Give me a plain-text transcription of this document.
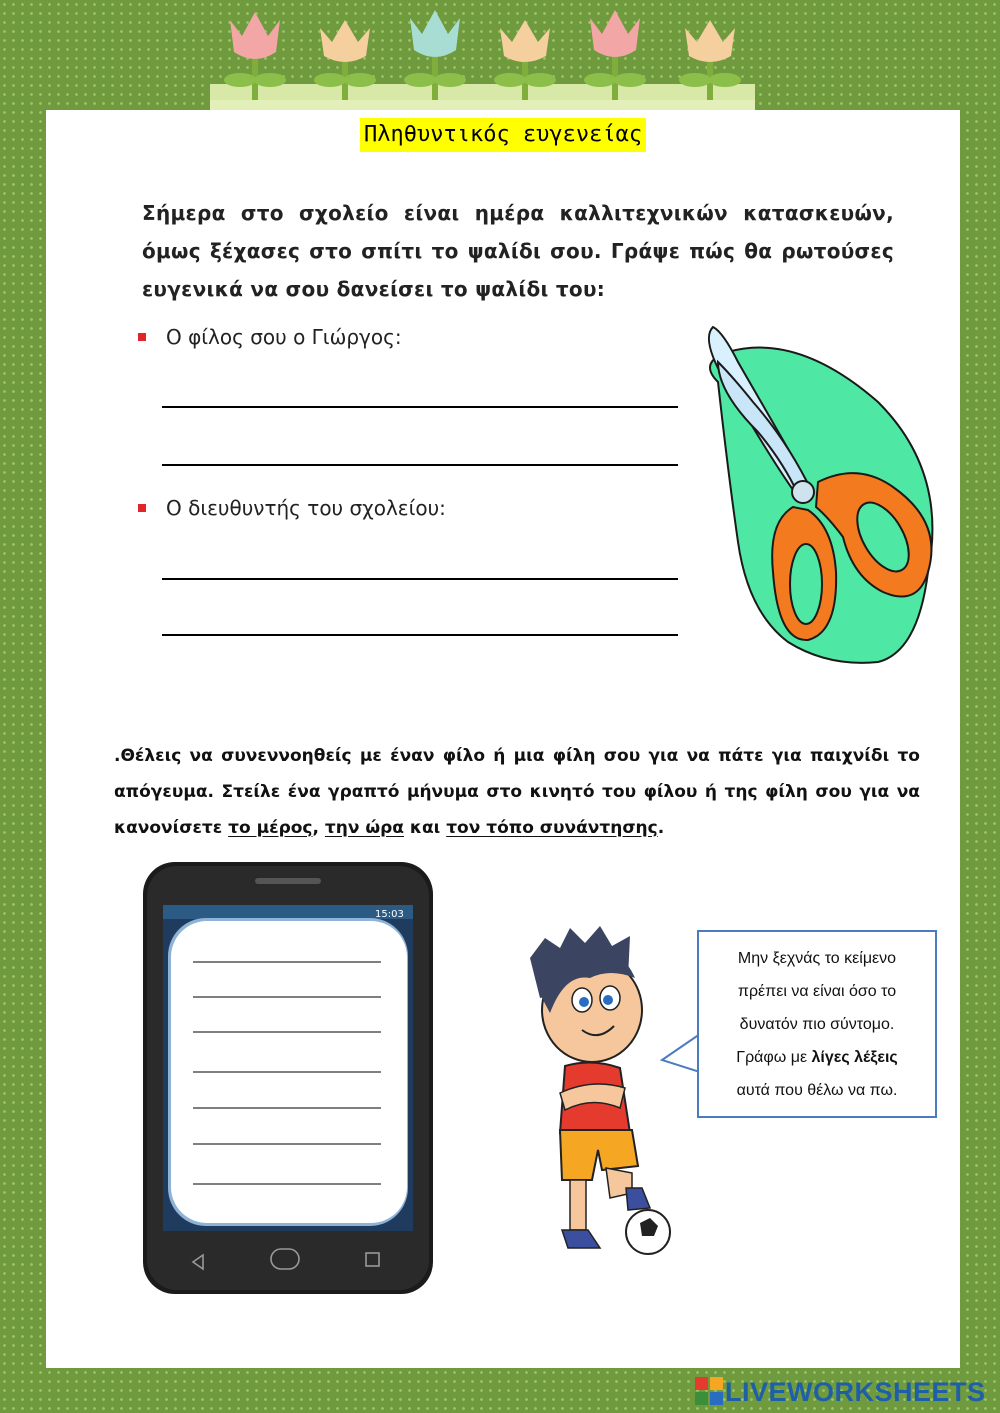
Πληθυντικός ευγενείας
Σήμερα στο σχολείο είναι ημέρα καλλιτεχνικών κατασκευών, όμως ξέχασες στο σπίτι το ψαλίδι σου. Γράψε πώς θα ρωτούσες ευγενικά να σου δανείσει το ψαλίδι του:
Ο φίλος σου ο Γιώργος:
Ο διευθυντής του σχολείου:
.Θέλεις να συνεννοηθείς με έναν φίλο ή μια φίλη σου για να πάτε για παιχνίδι το απόγευμα. Στείλε ένα γραπτό μήνυμα στο κινητό του φίλου ή της φίλη σου για να κανονίσετε το μέρος, την ώρα και τον τόπο συνάντησης.
15:03
Μην ξεχνάς το κείμενο
πρέπει να είναι όσο το
δυνατόν πιο σύντομο.
Γράφω με λίγες λέξεις
αυτά που θέλω να πω.
LIVEWORKSHEETS
